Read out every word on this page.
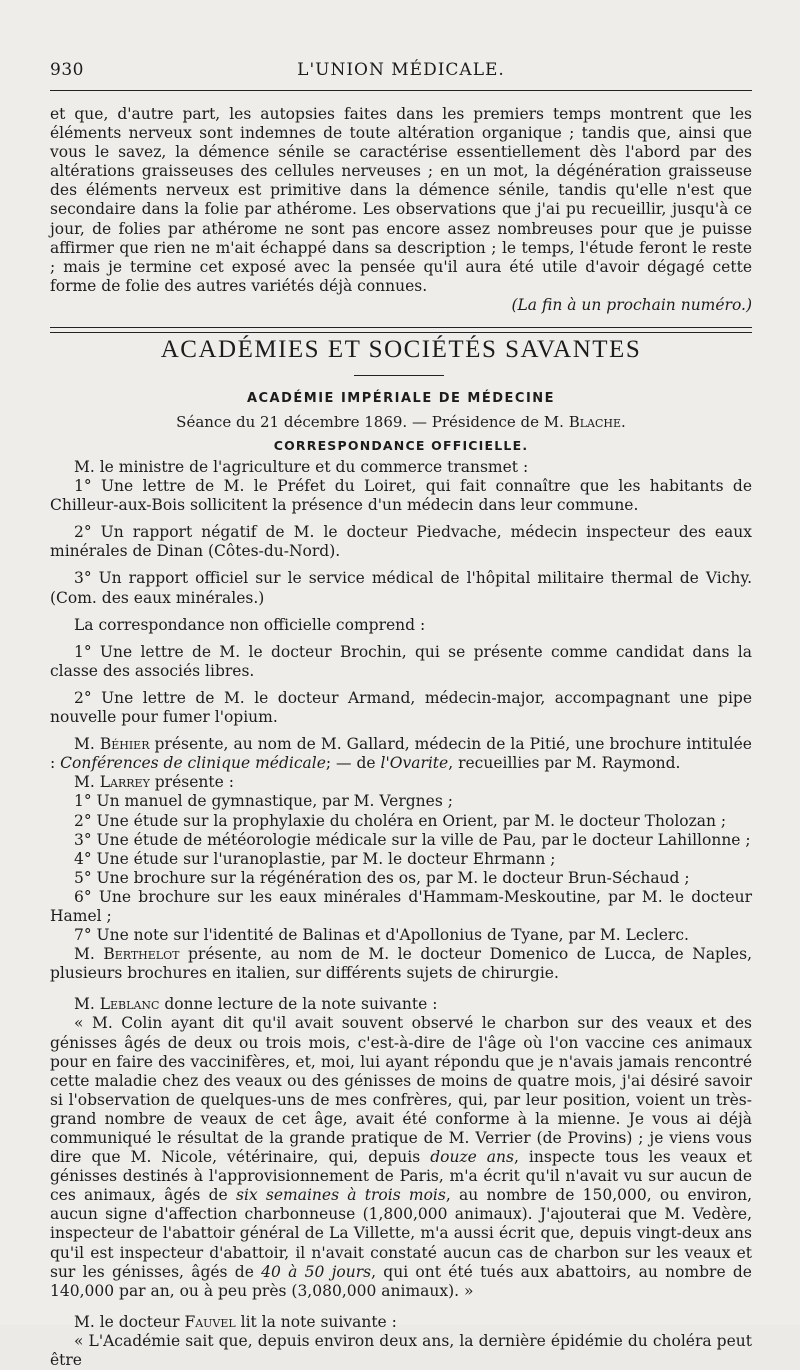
930	L'UNION MÉDICALE.

et que, d'autre part, les autopsies faites dans les premiers temps montrent que les éléments nerveux sont indemnes de toute altération organique ; tandis que, ainsi que vous le savez, la démence sénile se caractérise essentiellement dès l'abord par des altérations graisseuses des cellules nerveuses ; en un mot, la dégénération graisseuse des éléments nerveux est primitive dans la démence sénile, tandis qu'elle n'est que secondaire dans la folie par athérome. Les observations que j'ai pu recueillir, jusqu'à ce jour, de folies par athérome ne sont pas encore assez nombreuses pour que je puisse affirmer que rien ne m'ait échappé dans sa description ; le temps, l'étude feront le reste ; mais je termine cet exposé avec la pensée qu'il aura été utile d'avoir dégagé cette forme de folie des autres variétés déjà connues.

(La fin à un prochain numéro.)

ACADÉMIES ET SOCIÉTÉS SAVANTES
ACADÉMIE IMPÉRIALE DE MÉDECINE
Séance du 21 décembre 1869. — Présidence de M. Blache.
CORRESPONDANCE OFFICIELLE.

M. le ministre de l'agriculture et du commerce transmet :

1° Une lettre de M. le Préfet du Loiret, qui fait connaître que les habitants de Chilleur-aux-Bois sollicitent la présence d'un médecin dans leur commune.

2° Un rapport négatif de M. le docteur Piedvache, médecin inspecteur des eaux minérales de Dinan (Côtes-du-Nord).

3° Un rapport officiel sur le service médical de l'hôpital militaire thermal de Vichy. (Com. des eaux minérales.)

La correspondance non officielle comprend :

1° Une lettre de M. le docteur Brochin, qui se présente comme candidat dans la classe des associés libres.

2° Une lettre de M. le docteur Armand, médecin-major, accompagnant une pipe nouvelle pour fumer l'opium.

M. Béhier présente, au nom de M. Gallard, médecin de la Pitié, une brochure intitulée : Conférences de clinique médicale; — de l'Ovarite, recueillies par M. Raymond.

M. Larrey présente :

1° Un manuel de gymnastique, par M. Vergnes ;

2° Une étude sur la prophylaxie du choléra en Orient, par M. le docteur Tholozan ;

3° Une étude de météorologie médicale sur la ville de Pau, par le docteur Lahillonne ;

4° Une étude sur l'uranoplastie, par M. le docteur Ehrmann ;

5° Une brochure sur la régénération des os, par M. le docteur Brun-Séchaud ;

6° Une brochure sur les eaux minérales d'Hammam-Meskoutine, par M. le docteur Hamel ;

7° Une note sur l'identité de Balinas et d'Apollonius de Tyane, par M. Leclerc.

M. Berthelot présente, au nom de M. le docteur Domenico de Lucca, de Naples, plusieurs brochures en italien, sur différents sujets de chirurgie.

M. Leblanc donne lecture de la note suivante :

« M. Colin ayant dit qu'il avait souvent observé le charbon sur des veaux et des génisses âgés de deux ou trois mois, c'est-à-dire de l'âge où l'on vaccine ces animaux pour en faire des vaccinifères, et, moi, lui ayant répondu que je n'avais jamais rencontré cette maladie chez des veaux ou des génisses de moins de quatre mois, j'ai désiré savoir si l'observation de quelques-uns de mes confrères, qui, par leur position, voient un très-grand nombre de veaux de cet âge, avait été conforme à la mienne. Je vous ai déjà communiqué le résultat de la grande pratique de M. Verrier (de Provins) ; je viens vous dire que M. Nicole, vétérinaire, qui, depuis douze ans, inspecte tous les veaux et génisses destinés à l'approvisionnement de Paris, m'a écrit qu'il n'avait vu sur aucun de ces animaux, âgés de six semaines à trois mois, au nombre de 150,000, ou environ, aucun signe d'affection charbonneuse (1,800,000 animaux). J'ajouterai que M. Vedère, inspecteur de l'abattoir général de La Villette, m'a aussi écrit que, depuis vingt-deux ans qu'il est inspecteur d'abattoir, il n'avait constaté aucun cas de charbon sur les veaux et sur les génisses, âgés de 40 à 50 jours, qui ont été tués aux abattoirs, au nombre de 140,000 par an, ou à peu près (3,080,000 animaux). »

M. le docteur Fauvel lit la note suivante :

« L'Académie sait que, depuis environ deux ans, la dernière épidémie du choléra peut être
